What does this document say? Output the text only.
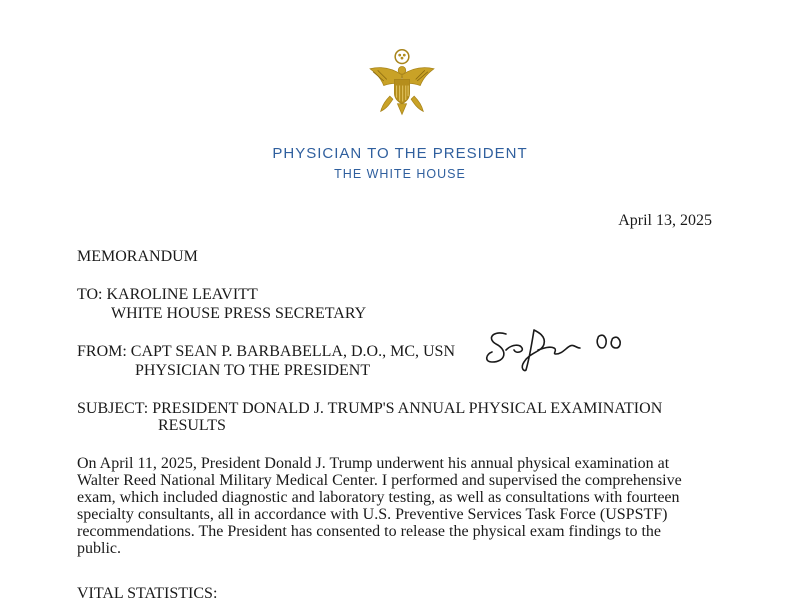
PHYSICIAN TO THE PRESIDENT
THE WHITE HOUSE
April 13, 2025
MEMORANDUM
TO: KAROLINE LEAVITT
WHITE HOUSE PRESS SECRETARY
FROM: CAPT SEAN P. BARBABELLA, D.O., MC, USN
PHYSICIAN TO THE PRESIDENT
SUBJECT: PRESIDENT DONALD J. TRUMP'S ANNUAL PHYSICAL EXAMINATION
RESULTS
On April 11, 2025, President Donald J. Trump underwent his annual physical examination at
Walter Reed National Military Medical Center. I performed and supervised the comprehensive
exam, which included diagnostic and laboratory testing, as well as consultations with fourteen
specialty consultants, all in accordance with U.S. Preventive Services Task Force (USPSTF)
recommendations. The President has consented to release the physical exam findings to the
public.
VITAL STATISTICS:
